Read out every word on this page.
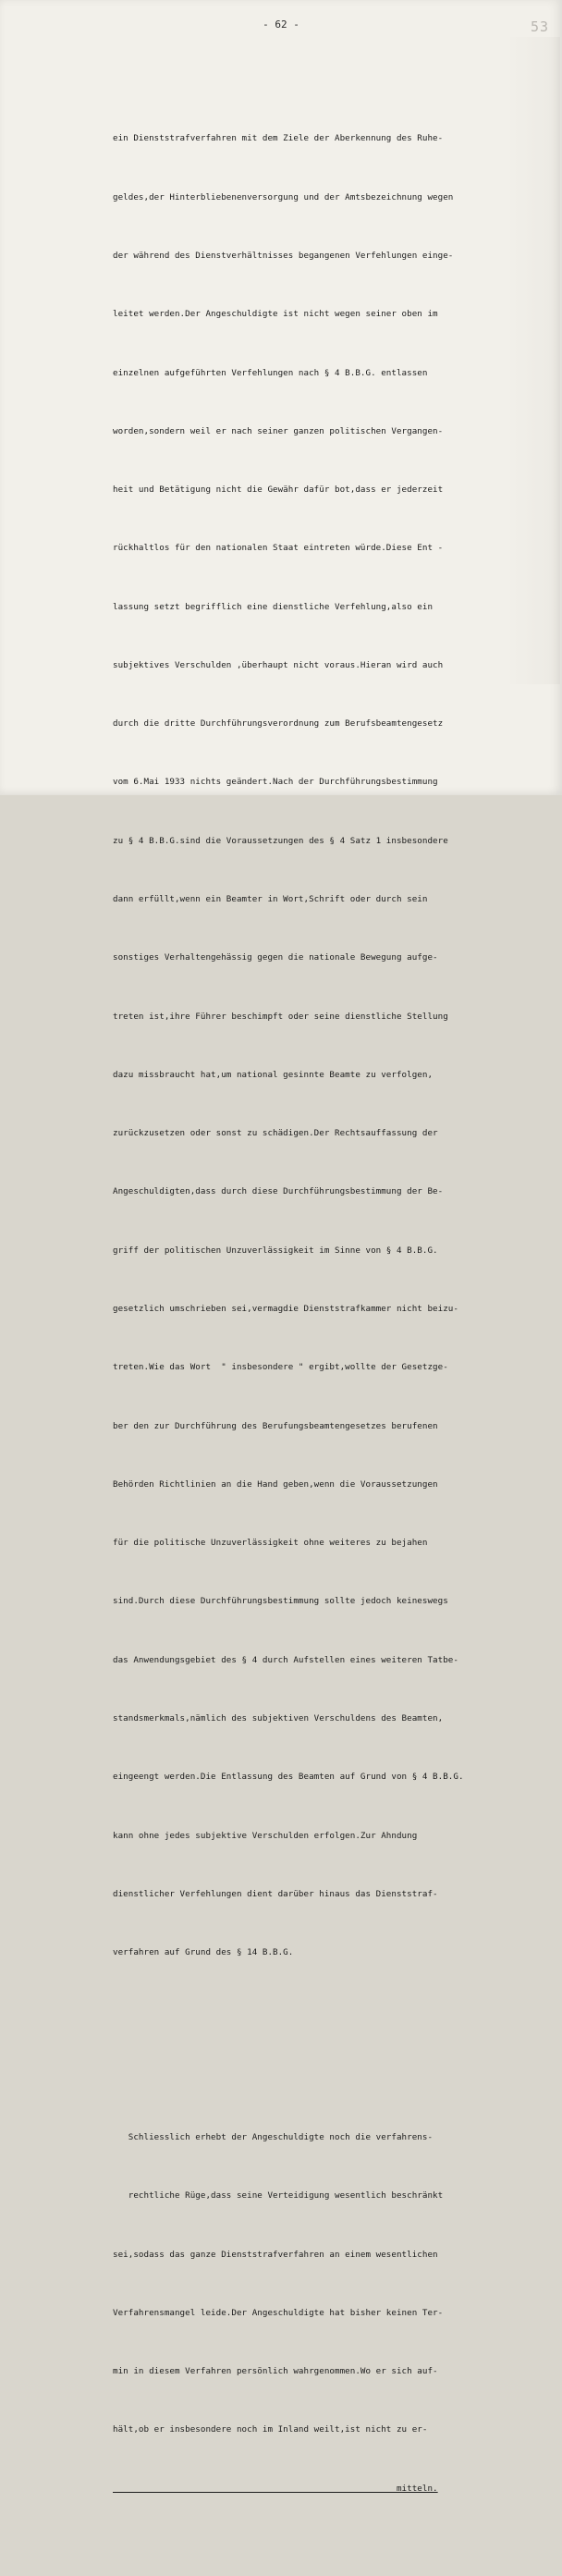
- 62 -	53

ein Dienststrafverfahren mit dem Ziele der Aberkennung des Ruhe-

geldes,der Hinterbliebenenversorgung und der Amtsbezeichnung wegen

der während des Dienstverhältnisses begangenen Verfehlungen einge-

leitet werden.Der Angeschuldigte ist nicht wegen seiner oben im

einzelnen aufgeführten Verfehlungen nach § 4 B.B.G. entlassen

worden,sondern weil er nach seiner ganzen politischen Vergangen-

heit und Betätigung nicht die Gewähr dafür bot,dass er jederzeit

rückhaltlos für den nationalen Staat eintreten würde.Diese Ent -

lassung setzt begrifflich eine dienstliche Verfehlung,also ein

subjektives Verschulden ,überhaupt nicht voraus.Hieran wird auch

durch die dritte Durchführungsverordnung zum Berufsbeamtengesetz

vom 6.Mai 1933 nichts geändert.Nach der Durchführungsbestimmung

zu § 4 B.B.G.sind die Voraussetzungen des § 4 Satz 1 insbesondere

dann erfüllt,wenn ein Beamter in Wort,Schrift oder durch sein

sonstiges Verhaltengehässig gegen die nationale Bewegung aufge-

treten ist,ihre Führer beschimpft oder seine dienstliche Stellung

dazu missbraucht hat,um national gesinnte Beamte zu verfolgen,

zurückzusetzen oder sonst zu schädigen.Der Rechtsauffassung der

Angeschuldigten,dass durch diese Durchführungsbestimmung der Be-

griff der politischen Unzuverlässigkeit im Sinne von § 4 B.B.G.

gesetzlich umschrieben sei,vermagdie Dienststrafkammer nicht beizu-

treten.Wie das Wort  " insbesondere " ergibt,wollte der Gesetzge-

ber den zur Durchführung des Berufungsbeamtengesetzes berufenen

Behörden Richtlinien an die Hand geben,wenn die Voraussetzungen

für die politische Unzuverlässigkeit ohne weiteres zu bejahen

sind.Durch diese Durchführungsbestimmung sollte jedoch keineswegs

das Anwendungsgebiet des § 4 durch Aufstellen eines weiteren Tatbe-

standsmerkmals,nämlich des subjektiven Verschuldens des Beamten,

eingeengt werden.Die Entlassung des Beamten auf Grund von § 4 B.B.G.

kann ohne jedes subjektive Verschulden erfolgen.Zur Ahndung

dienstlicher Verfehlungen dient darüber hinaus das Dienststraf-

verfahren auf Grund des § 14 B.B.G.

Schliesslich erhebt der Angeschuldigte noch die verfahrens-

rechtliche Rüge,dass seine Verteidigung wesentlich beschränkt

sei,sodass das ganze Dienststrafverfahren an einem wesentlichen

Verfahrensmangel leide.Der Angeschuldigte hat bisher keinen Ter-

min in diesem Verfahren persönlich wahrgenommen.Wo er sich auf-

hält,ob er insbesondere noch im Inland weilt,ist nicht zu er-

mitteln.
